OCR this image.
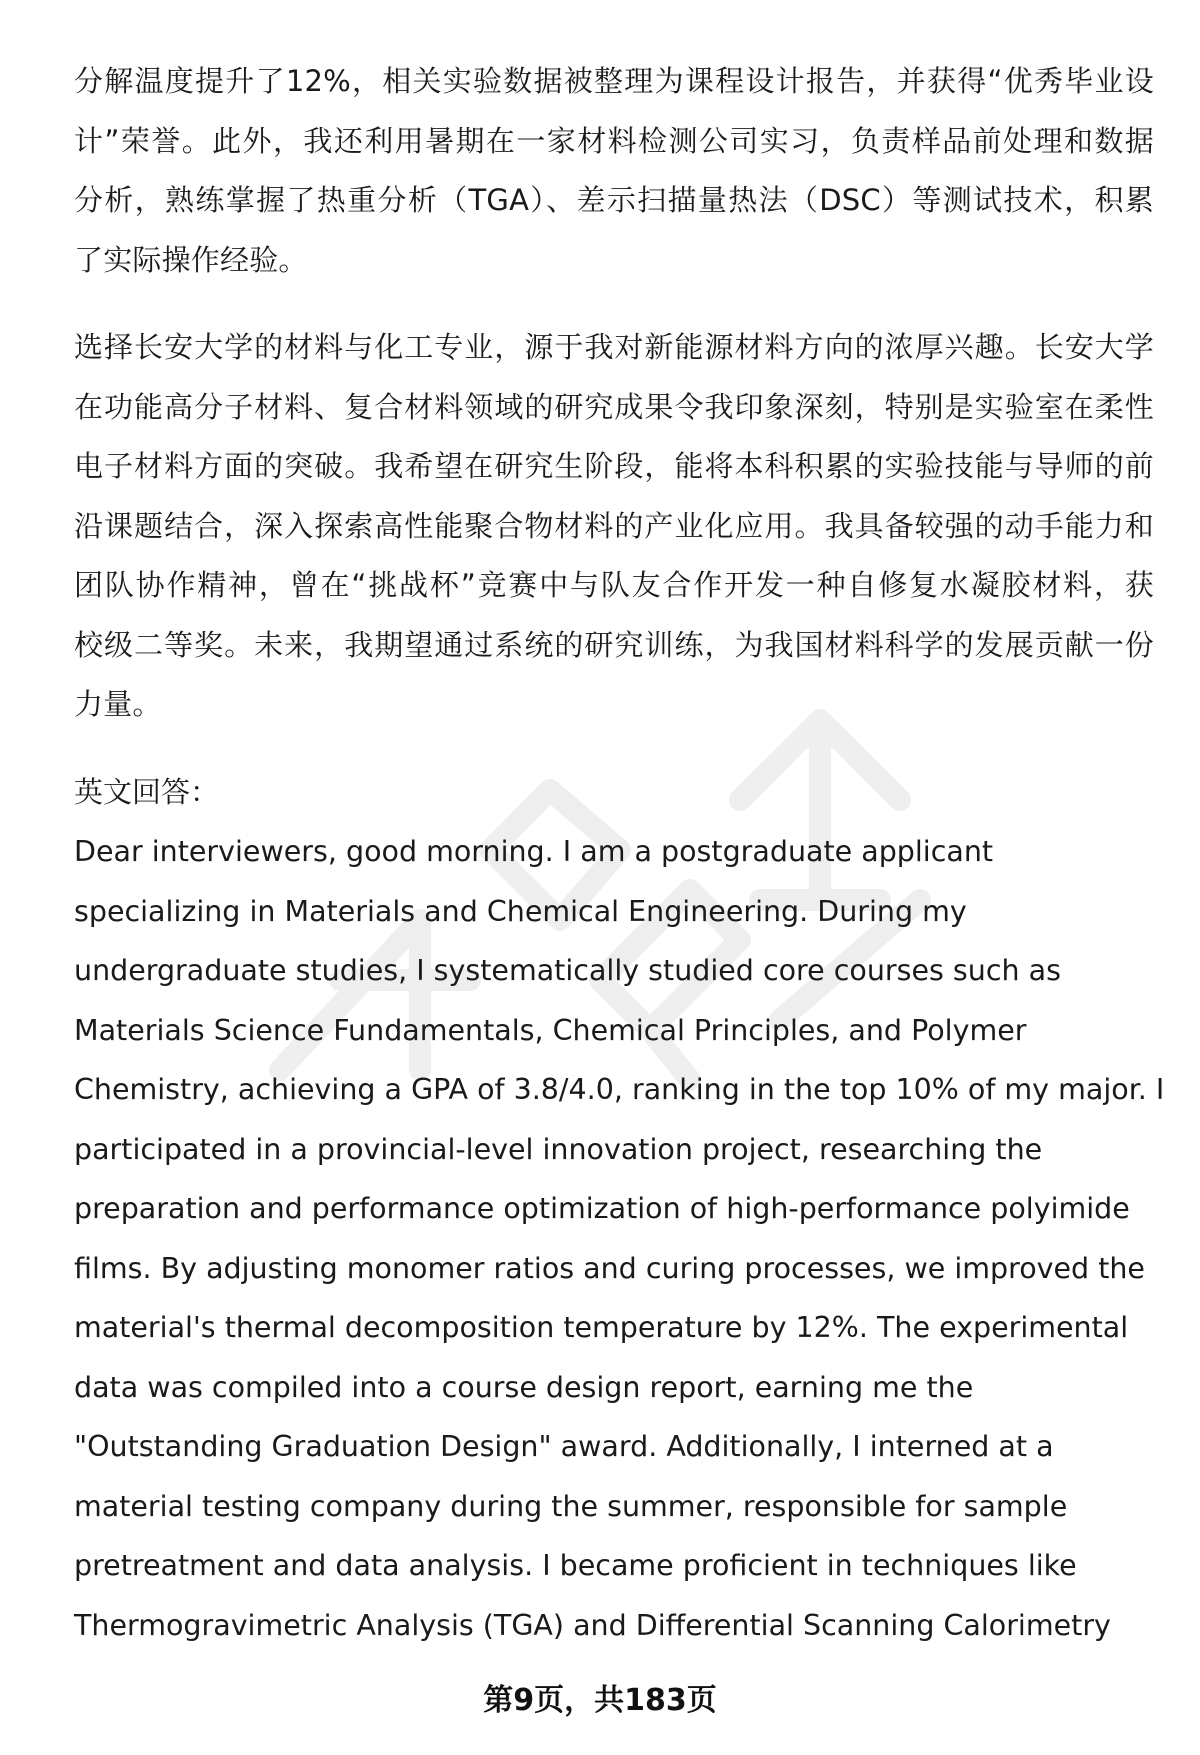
分解温度提升了12%，相关实验数据被整理为课程设计报告，并获得“优秀毕业设
计”荣誉。此外，我还利用暑期在一家材料检测公司实习，负责样品前处理和数据
分析，熟练掌握了热重分析（TGA）、差示扫描量热法（DSC）等测试技术，积累
了实际操作经验。
选择长安大学的材料与化工专业，源于我对新能源材料方向的浓厚兴趣。长安大学
在功能高分子材料、复合材料领域的研究成果令我印象深刻，特别是实验室在柔性
电子材料方面的突破。我希望在研究生阶段，能将本科积累的实验技能与导师的前
沿课题结合，深入探索高性能聚合物材料的产业化应用。我具备较强的动手能力和
团队协作精神，曾在“挑战杯”竞赛中与队友合作开发一种自修复水凝胶材料，获
校级二等奖。未来，我期望通过系统的研究训练，为我国材料科学的发展贡献一份
力量。
英文回答：
Dear interviewers, good morning. I am a postgraduate applicant
specializing in Materials and Chemical Engineering. During my
undergraduate studies, I systematically studied core courses such as
Materials Science Fundamentals, Chemical Principles, and Polymer
Chemistry, achieving a GPA of 3.8/4.0, ranking in the top 10% of my major. I
participated in a provincial-level innovation project, researching the
preparation and performance optimization of high-performance polyimide
films. By adjusting monomer ratios and curing processes, we improved the
material's thermal decomposition temperature by 12%. The experimental
data was compiled into a course design report, earning me the
"Outstanding Graduation Design" award. Additionally, I interned at a
material testing company during the summer, responsible for sample
pretreatment and data analysis. I became proficient in techniques like
Thermogravimetric Analysis (TGA) and Differential Scanning Calorimetry
第9页，共183页
